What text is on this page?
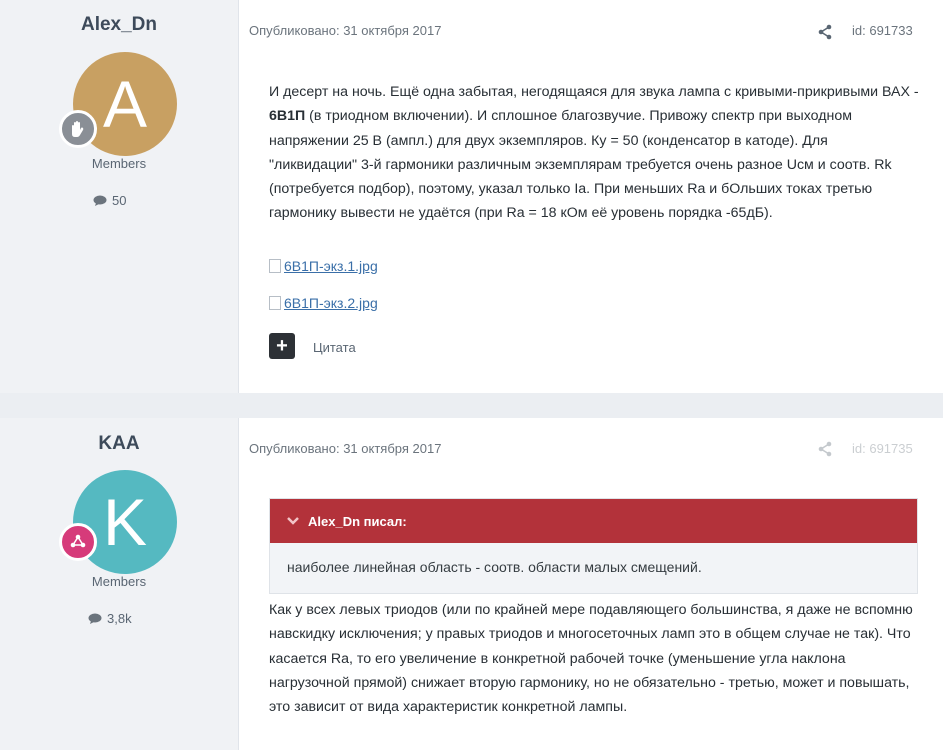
Alex_Dn
A
Members
50
Опубликовано: 31 октября 2017	id: 691733

И десерт на ночь. Ещё одна забытая, негодящаяся для звука лампа с кривыми-прикривыми ВАХ - 6В1П (в триодном включении). И сплошное благозвучие. Привожу спектр при выходном напряжении 25 В (ампл.) для двух экземпляров. Ку = 50 (конденсатор в катоде). Для "ликвидации" 3-й гармоники различным экземплярам требуется очень разное Uсм и соотв. Rk (потребуется подбор), поэтому, указал только Ia. При меньших Ra и бОльших токах третью гармонику вывести не удаётся (при Ra = 18 кОм её уровень порядка -65дБ).

6В1П-экз.1.jpg
6В1П-экз.2.jpg
+	Цитата
KAA
K
Members
3,8k
Опубликовано: 31 октября 2017	id: 691735
Alex_Dn писал:
наиболее линейная область - соотв. области малых смещений.

Как у всех левых триодов (или по крайней мере подавляющего большинства, я даже не вспомню навскидку исключения; у правых триодов и многосеточных ламп это в общем случае не так). Что касается Ra, то его увеличение в конкретной рабочей точке (уменьшение угла наклона нагрузочной прямой) снижает вторую гармонику, но не обязательно - третью, может и повышать, это зависит от вида характеристик конкретной лампы.
